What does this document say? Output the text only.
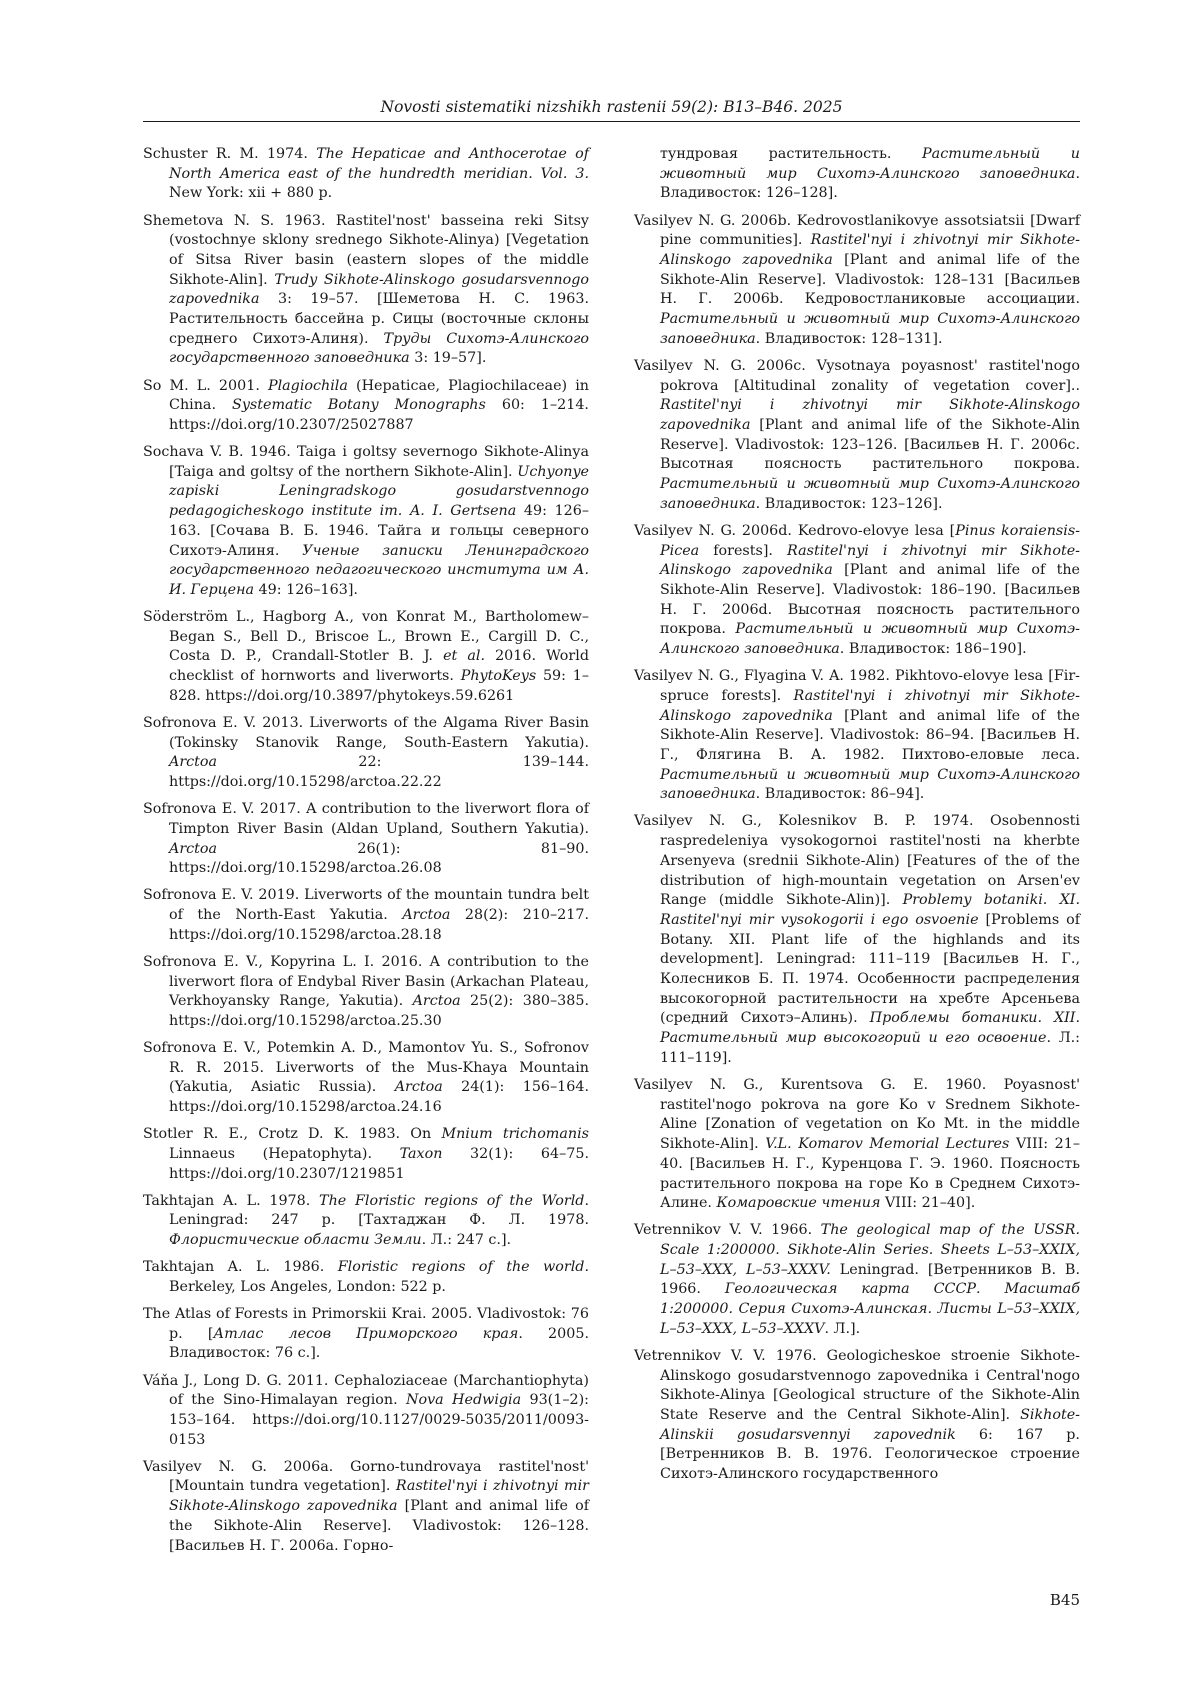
Novosti sistematiki nizshikh rastenii 59(2): B13–B46. 2025

Schuster R. M. 1974. The Hepaticae and Anthocerotae of North America east of the hundredth meridian. Vol. 3. New York: xii + 880 p.

Shemetova N. S. 1963. Rastitel'nost' basseina reki Sitsy (vostochnye sklony srednego Sikhote-Alinya) [Vegetation of Sitsa River basin (eastern slopes of the middle Sikhote-Alin]. Trudy Sikhote-Alinskogo gosudarsvennogo zapovednika 3: 19–57. [Шеметова Н. С. 1963. Растительность бассейна р. Сицы (восточные склоны среднего Сихотэ-Алиня). Труды Сихотэ-Алинского государственного заповедника 3: 19–57].

So M. L. 2001. Plagiochila (Hepaticae, Plagiochilaceae) in China. Systematic Botany Monographs 60: 1–214. https://doi.org/10.2307/25027887

Sochava V. B. 1946. Taiga i goltsy severnogo Sikhote-Alinya [Taiga and goltsy of the northern Sikhote-Alin]. Uchyonye zapiski Leningradskogo gosudarstvennogo pedagogicheskogo institute im. A. I. Gertsena 49: 126–163. [Сочава В. Б. 1946. Тайга и гольцы северного Сихотэ-Алиня. Ученые записки Ленинградского государственного педагогического института им А. И. Герцена 49: 126–163].

Söderström L., Hagborg A., von Konrat M., Bartholomew–Began S., Bell D., Briscoe L., Brown E., Cargill D. C., Costa D. P., Crandall-Stotler B. J. et al. 2016. World checklist of hornworts and liverworts. PhytoKeys 59: 1–828. https://doi.org/10.3897/phytokeys.59.6261

Sofronova E. V. 2013. Liverworts of the Algama River Basin (Tokinsky Stanovik Range, South-Eastern Yakutia). Arctoa 22: 139–144. https://doi.org/10.15298/arctoa.22.22

Sofronova E. V. 2017. A contribution to the liverwort flora of Timpton River Basin (Aldan Upland, Southern Yakutia). Arctoa 26(1): 81–90. https://doi.org/10.15298/arctoa.26.08

Sofronova E. V. 2019. Liverworts of the mountain tundra belt of the North-East Yakutia. Arctoa 28(2): 210–217. https://doi.org/10.15298/arctoa.28.18

Sofronova E. V., Kopyrina L. I. 2016. A contribution to the liverwort flora of Endybal River Basin (Arkachan Plateau, Verkhoyansky Range, Yakutia). Arctoa 25(2): 380–385. https://doi.org/10.15298/arctoa.25.30

Sofronova E. V., Potemkin A. D., Mamontov Yu. S., Sofronov R. R. 2015. Liverworts of the Mus-Khaya Mountain (Yakutia, Asiatic Russia). Arctoa 24(1): 156–164. https://doi.org/10.15298/arctoa.24.16

Stotler R. E., Crotz D. K. 1983. On Mnium trichomanis Linnaeus (Hepatophyta). Taxon 32(1): 64–75. https://doi.org/10.2307/1219851

Takhtajan A. L. 1978. The Floristic regions of the World. Leningrad: 247 p. [Тахтаджан Ф. Л. 1978. Флористические области Земли. Л.: 247 с.].

Takhtajan A. L. 1986. Floristic regions of the world. Berkeley, Los Angeles, London: 522 p.

The Atlas of Forests in Primorskii Krai. 2005. Vladivostok: 76 p. [Атлас лесов Приморского края. 2005. Владивосток: 76 с.].

Váňa J., Long D. G. 2011. Cephaloziaceae (Marchantiophyta) of the Sino-Himalayan region. Nova Hedwigia 93(1–2): 153–164. https://doi.org/10.1127/0029-5035/2011/0093-0153

Vasilyev N. G. 2006a. Gorno-tundrovaya rastitel'nost' [Mountain tundra vegetation]. Rastitel'nyi i zhivotnyi mir Sikhote-Alinskogo zapovednika [Plant and animal life of the Sikhote-Alin Reserve]. Vladivostok: 126–128. [Васильев Н. Г. 2006a. Горно-

тундровая растительность. Растительный и животный мир Сихотэ-Алинского заповедника. Владивосток: 126–128].

Vasilyev N. G. 2006b. Kedrovostlanikovye assotsiatsii [Dwarf pine communities]. Rastitel'nyi i zhivotnyi mir Sikhote-Alinskogo zapovednika [Plant and animal life of the Sikhote-Alin Reserve]. Vladivostok: 128–131 [Васильев Н. Г. 2006b. Кедровостланиковые ассоциации. Растительный и животный мир Сихотэ-Алинского заповедника. Владивосток: 128–131].

Vasilyev N. G. 2006c. Vysotnaya poyasnost' rastitel'nogo pokrova [Altitudinal zonality of vegetation cover].. Rastitel'nyi i zhivotnyi mir Sikhote-Alinskogo zapovednika [Plant and animal life of the Sikhote-Alin Reserve]. Vladivostok: 123–126. [Васильев Н. Г. 2006c. Высотная поясность растительного покрова. Растительный и животный мир Сихотэ-Алинского заповедника. Владивосток: 123–126].

Vasilyev N. G. 2006d. Kedrovo-elovye lesa [Pinus koraiensis-Picea forests]. Rastitel'nyi i zhivotnyi mir Sikhote-Alinskogo zapovednika [Plant and animal life of the Sikhote-Alin Reserve]. Vladivostok: 186–190. [Васильев Н. Г. 2006d. Высотная поясность растительного покрова. Растительный и животный мир Сихотэ-Алинского заповедника. Владивосток: 186–190].

Vasilyev N. G., Flyagina V. A. 1982. Pikhtovo-elovye lesa [Fir-spruce forests]. Rastitel'nyi i zhivotnyi mir Sikhote-Alinskogo zapovednika [Plant and animal life of the Sikhote-Alin Reserve]. Vladivostok: 86–94. [Васильев Н. Г., Флягина В. А. 1982. Пихтово-еловые леса. Растительный и животный мир Сихотэ-Алинского заповедника. Владивосток: 86–94].

Vasilyev N. G., Kolesnikov B. P. 1974. Osobennosti raspredeleniya vysokogornoi rastitel'nosti na kherbte Arsenyeva (srednii Sikhote-Alin) [Features of the of the distribution of high-mountain vegetation on Arsen'ev Range (middle Sikhote-Alin)]. Problemy botaniki. XI. Rastitel'nyi mir vysokogorii i ego osvoenie [Problems of Botany. XII. Plant life of the highlands and its development]. Leningrad: 111–119 [Васильев Н. Г., Колесников Б. П. 1974. Особенности распределения высокогорной растительности на хребте Арсеньева (средний Сихотэ–Алинь). Проблемы ботаники. XII. Растительный мир высокогорий и его освоение. Л.: 111–119].

Vasilyev N. G., Kurentsova G. E. 1960. Poyasnost' rastitel'nogo pokrova na gore Ko v Srednem Sikhote-Aline [Zonation of vegetation on Ko Mt. in the middle Sikhote-Alin]. V.L. Komarov Memorial Lectures VIII: 21–40. [Васильев Н. Г., Куренцова Г. Э. 1960. Поясность растительного покрова на горе Ко в Среднем Сихотэ-Алине. Комаровские чтения VIII: 21–40].

Vetrennikov V. V. 1966. The geological map of the USSR. Scale 1:200000. Sikhote-Alin Series. Sheets L–53–XXIX, L–53–XXX, L–53–XXXV. Leningrad. [Ветренников В. В. 1966. Геологическая карта СССР. Масштаб 1:200000. Серия Сихотэ-Алинская. Листы L–53–XXIX, L–53–XXX, L–53–XXXV. Л.].

Vetrennikov V. V. 1976. Geologicheskoe stroenie Sikhote-Alinskogo gosudarstvennogo zapovednika i Central'nogo Sikhote-Alinya [Geological structure of the Sikhote-Alin State Reserve and the Central Sikhote-Alin]. Sikhote-Alinskii gosudarsvennyi zapovednik 6: 167 p. [Ветренников В. В. 1976. Геологическое строение Сихотэ-Алинского государственного

B45
